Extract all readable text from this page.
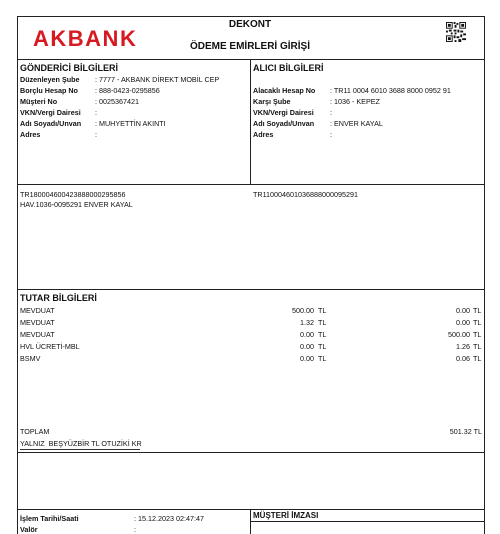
AKBANK
DEKONT
ÖDEME EMİRLERİ GİRİŞİ
GÖNDERİCİ BİLGİLERİ
Düzenleyen Şube : 7777 - AKBANK DİREKT MOBİL CEP
Borçlu Hesap No : 888-0423-0295856
Müşteri No	: 0025367421
VKN/Vergi Dairesi :
Adı Soyadı/Unvan : MUHYETTİN AKINTI
Adres	:
ALICI BİLGİLERİ
Alacaklı Hesap No : TR11 0004 6010 3688 8000 0952 91
Karşı Şube	: 1036 - KEPEZ
VKN/Vergi Dairesi :
Adı Soyadı/Unvan : ENVER KAYAL
Adres	:
TR180004600423888000295856
HAV.1036-0095291 ENVER KAYAL
TR110004601036888000095291
TUTAR BİLGİLERİ
MEVDUAT	500.00 TL	0.00 TL
MEVDUAT	1.32 TL	0.00 TL
MEVDUAT	0.00 TL	500.00 TL
HVL ÜCRETİ-MBL	0.00 TL	1.26 TL
BSMV	0.00 TL	0.06 TL
TOPLAM	501.32 TL
YALNIZ  BEŞYÜZBİR TL OTUZİKİ KR
İşlem Tarihi/Saati	: 15.12.2023 02:47:47
Valör	:
MÜŞTERİ İMZASI
